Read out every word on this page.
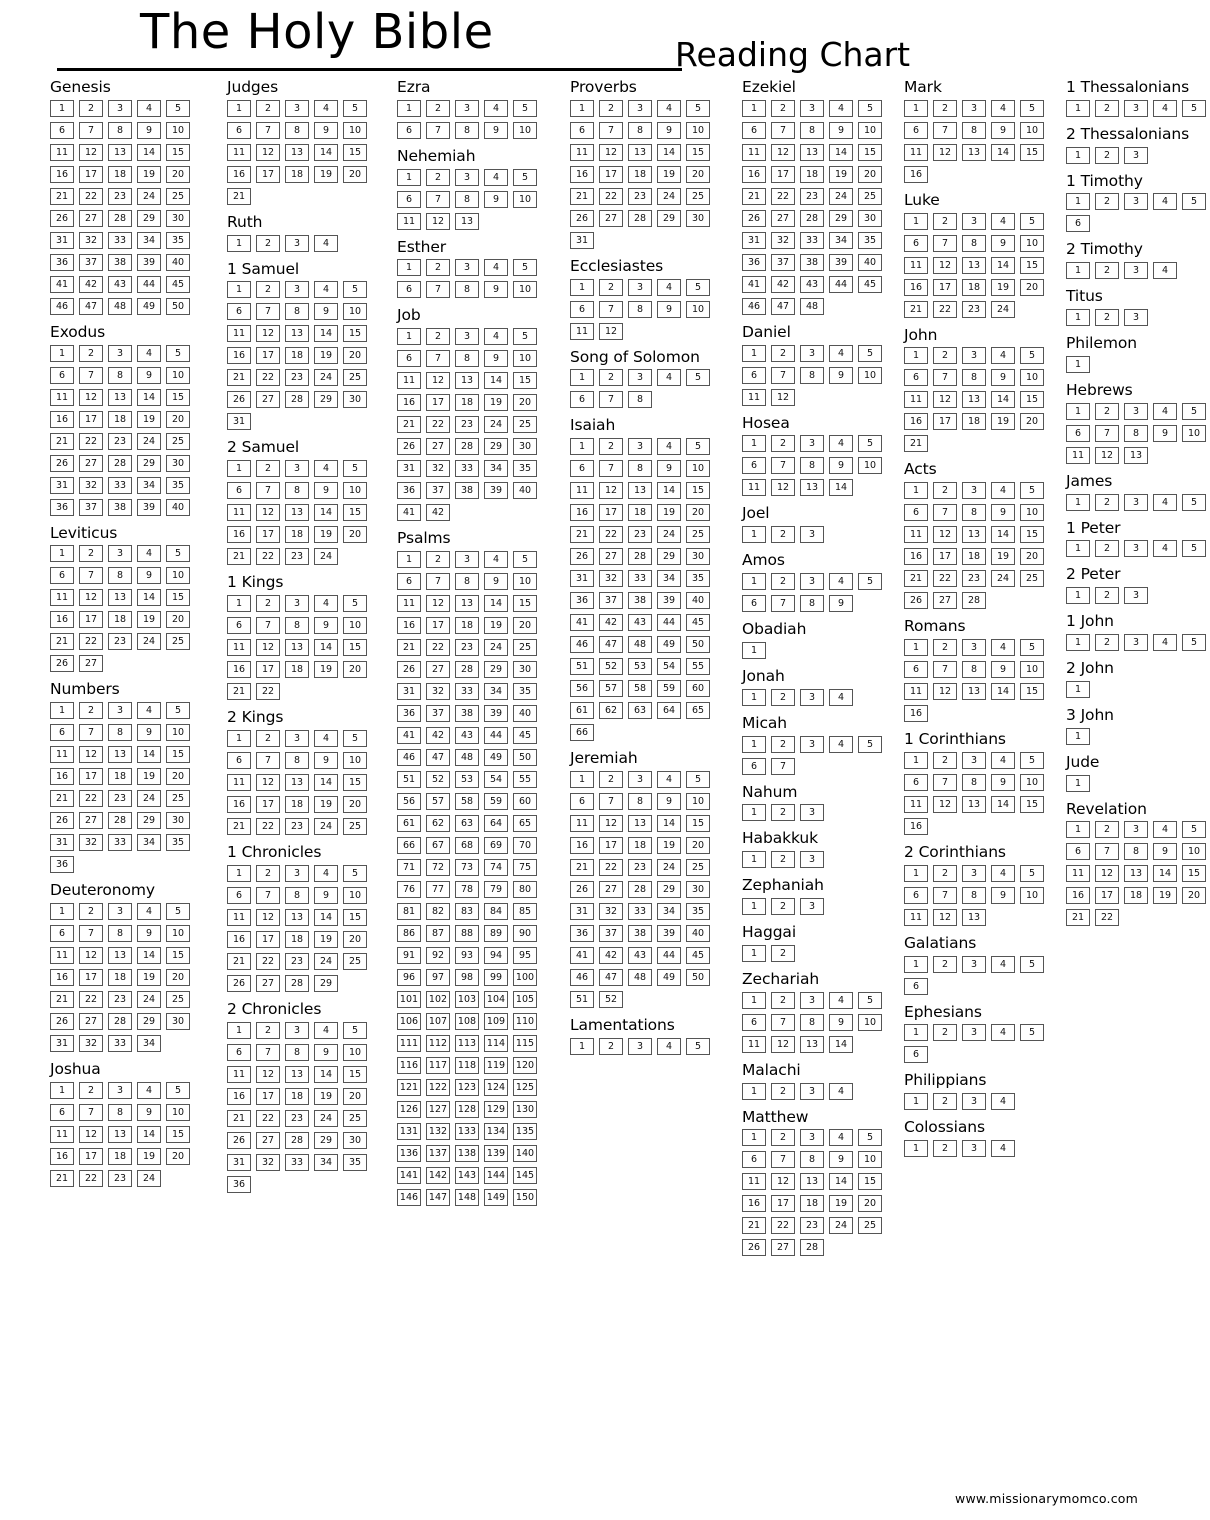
The Holy Bible	Reading Chart
Genesis
1	2	3	4	5
6	7	8	9	10
11	12	13	14	15
16	17	18	19	20
21	22	23	24	25
26	27	28	29	30
31	32	33	34	35
36	37	38	39	40
41	42	43	44	45
46	47	48	49	50
Exodus
1	2	3	4	5
6	7	8	9	10
11	12	13	14	15
16	17	18	19	20
21	22	23	24	25
26	27	28	29	30
31	32	33	34	35
36	37	38	39	40
Leviticus
1	2	3	4	5
6	7	8	9	10
11	12	13	14	15
16	17	18	19	20
21	22	23	24	25
26	27
Numbers
1	2	3	4	5
6	7	8	9	10
11	12	13	14	15
16	17	18	19	20
21	22	23	24	25
26	27	28	29	30
31	32	33	34	35
36
Deuteronomy
1	2	3	4	5
6	7	8	9	10
11	12	13	14	15
16	17	18	19	20
21	22	23	24	25
26	27	28	29	30
31	32	33	34
Joshua
1	2	3	4	5
6	7	8	9	10
11	12	13	14	15
16	17	18	19	20
21	22	23	24
Judges
1	2	3	4	5
6	7	8	9	10
11	12	13	14	15
16	17	18	19	20
21
Ruth
1	2	3	4
1 Samuel
1	2	3	4	5
6	7	8	9	10
11	12	13	14	15
16	17	18	19	20
21	22	23	24	25
26	27	28	29	30
31
2 Samuel
1	2	3	4	5
6	7	8	9	10
11	12	13	14	15
16	17	18	19	20
21	22	23	24
1 Kings
1	2	3	4	5
6	7	8	9	10
11	12	13	14	15
16	17	18	19	20
21	22
2 Kings
1	2	3	4	5
6	7	8	9	10
11	12	13	14	15
16	17	18	19	20
21	22	23	24	25
1 Chronicles
1	2	3	4	5
6	7	8	9	10
11	12	13	14	15
16	17	18	19	20
21	22	23	24	25
26	27	28	29
2 Chronicles
1	2	3	4	5
6	7	8	9	10
11	12	13	14	15
16	17	18	19	20
21	22	23	24	25
26	27	28	29	30
31	32	33	34	35
36
Ezra
1	2	3	4	5
6	7	8	9	10
Nehemiah
1	2	3	4	5
6	7	8	9	10
11	12	13
Esther
1	2	3	4	5
6	7	8	9	10
Job
1	2	3	4	5
6	7	8	9	10
11	12	13	14	15
16	17	18	19	20
21	22	23	24	25
26	27	28	29	30
31	32	33	34	35
36	37	38	39	40
41	42
Psalms
1	2	3	4	5
6	7	8	9	10
11	12	13	14	15
16	17	18	19	20
21	22	23	24	25
26	27	28	29	30
31	32	33	34	35
36	37	38	39	40
41	42	43	44	45
46	47	48	49	50
51	52	53	54	55
56	57	58	59	60
61	62	63	64	65
66	67	68	69	70
71	72	73	74	75
76	77	78	79	80
81	82	83	84	85
86	87	88	89	90
91	92	93	94	95
96	97	98	99	100
101	102	103	104	105
106	107	108	109	110
111	112	113	114	115
116	117	118	119	120
121	122	123	124	125
126	127	128	129	130
131	132	133	134	135
136	137	138	139	140
141	142	143	144	145
146	147	148	149	150
Proverbs
1	2	3	4	5
6	7	8	9	10
11	12	13	14	15
16	17	18	19	20
21	22	23	24	25
26	27	28	29	30
31
Ecclesiastes
1	2	3	4	5
6	7	8	9	10
11	12
Song of Solomon
1	2	3	4	5
6	7	8
Isaiah
1	2	3	4	5
6	7	8	9	10
11	12	13	14	15
16	17	18	19	20
21	22	23	24	25
26	27	28	29	30
31	32	33	34	35
36	37	38	39	40
41	42	43	44	45
46	47	48	49	50
51	52	53	54	55
56	57	58	59	60
61	62	63	64	65
66
Jeremiah
1	2	3	4	5
6	7	8	9	10
11	12	13	14	15
16	17	18	19	20
21	22	23	24	25
26	27	28	29	30
31	32	33	34	35
36	37	38	39	40
41	42	43	44	45
46	47	48	49	50
51	52
Lamentations
1	2	3	4	5
Ezekiel
1	2	3	4	5
6	7	8	9	10
11	12	13	14	15
16	17	18	19	20
21	22	23	24	25
26	27	28	29	30
31	32	33	34	35
36	37	38	39	40
41	42	43	44	45
46	47	48
Daniel
1	2	3	4	5
6	7	8	9	10
11	12
Hosea
1	2	3	4	5
6	7	8	9	10
11	12	13	14
Joel
1	2	3
Amos
1	2	3	4	5
6	7	8	9
Obadiah
1
Jonah
1	2	3	4
Micah
1	2	3	4	5
6	7
Nahum
1	2	3
Habakkuk
1	2	3
Zephaniah
1	2	3
Haggai
1	2
Zechariah
1	2	3	4	5
6	7	8	9	10
11	12	13	14
Malachi
1	2	3	4
Matthew
1	2	3	4	5
6	7	8	9	10
11	12	13	14	15
16	17	18	19	20
21	22	23	24	25
26	27	28
Mark
1	2	3	4	5
6	7	8	9	10
11	12	13	14	15
16
Luke
1	2	3	4	5
6	7	8	9	10
11	12	13	14	15
16	17	18	19	20
21	22	23	24
John
1	2	3	4	5
6	7	8	9	10
11	12	13	14	15
16	17	18	19	20
21
Acts
1	2	3	4	5
6	7	8	9	10
11	12	13	14	15
16	17	18	19	20
21	22	23	24	25
26	27	28
Romans
1	2	3	4	5
6	7	8	9	10
11	12	13	14	15
16
1 Corinthians
1	2	3	4	5
6	7	8	9	10
11	12	13	14	15
16
2 Corinthians
1	2	3	4	5
6	7	8	9	10
11	12	13
Galatians
1	2	3	4	5
6
Ephesians
1	2	3	4	5
6
Philippians
1	2	3	4
Colossians
1	2	3	4
1 Thessalonians
1	2	3	4	5
2 Thessalonians
1	2	3
1 Timothy
1	2	3	4	5
6
2 Timothy
1	2	3	4
Titus
1	2	3
Philemon
1
Hebrews
1	2	3	4	5
6	7	8	9	10
11	12	13
James
1	2	3	4	5
1 Peter
1	2	3	4	5
2 Peter
1	2	3
1 John
1	2	3	4	5
2 John
1
3 John
1
Jude
1
Revelation
1	2	3	4	5
6	7	8	9	10
11	12	13	14	15
16	17	18	19	20
21	22
www.missionarymomco.com
